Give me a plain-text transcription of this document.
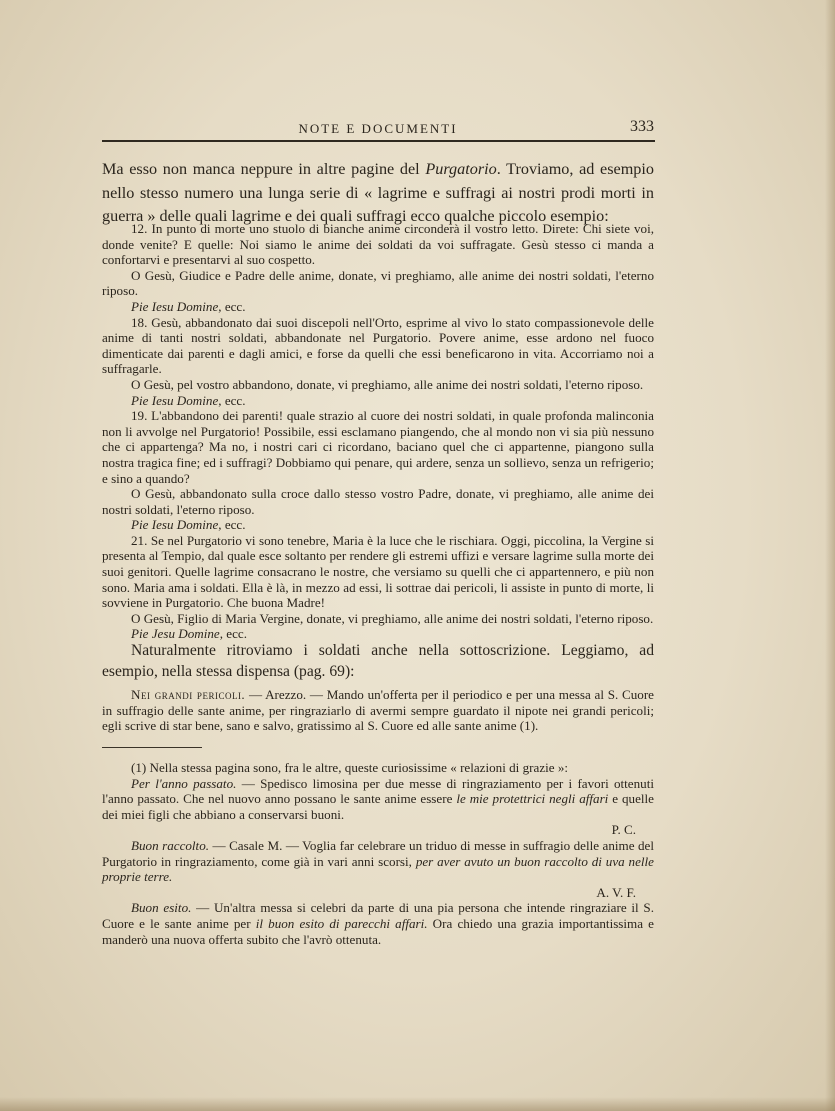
NOTE E DOCUMENTI	333
Ma esso non manca neppure in altre pagine del Purgatorio. Troviamo, ad esempio nello stesso numero una lunga serie di « lagrime e suffragi ai nostri prodi morti in guerra » delle quali lagrime e dei quali suffragi ecco qualche piccolo esempio:

12. In punto di morte uno stuolo di bianche anime circonderà il vostro letto. Direte: Chi siete voi, donde venite? E quelle: Noi siamo le anime dei soldati da voi suffragate. Gesù stesso ci manda a confortarvi e presentarvi al suo cospetto.

O Gesù, Giudice e Padre delle anime, donate, vi preghiamo, alle anime dei nostri soldati, l'eterno riposo.

Pie Iesu Domine, ecc.

18. Gesù, abbandonato dai suoi discepoli nell'Orto, esprime al vivo lo stato compassionevole delle anime di tanti nostri soldati, abbandonate nel Purgatorio. Povere anime, esse ardono nel fuoco dimenticate dai parenti e dagli amici, e forse da quelli che essi beneficarono in vita. Accorriamo noi a suffragarle.

O Gesù, pel vostro abbandono, donate, vi preghiamo, alle anime dei nostri soldati, l'eterno riposo.

Pie Iesu Domine, ecc.

19. L'abbandono dei parenti! quale strazio al cuore dei nostri soldati, in quale profonda malinconia non li avvolge nel Purgatorio! Possibile, essi esclamano piangendo, che al mondo non vi sia più nessuno che ci appartenga? Ma no, i nostri cari ci ricordano, baciano quel che ci appartenne, piangono sulla nostra tragica fine; ed i suffragi? Dobbiamo qui penare, qui ardere, senza un sollievo, senza un refrigerio; e sino a quando?

O Gesù, abbandonato sulla croce dallo stesso vostro Padre, donate, vi preghiamo, alle anime dei nostri soldati, l'eterno riposo.

Pie Iesu Domine, ecc.

21. Se nel Purgatorio vi sono tenebre, Maria è la luce che le rischiara. Oggi, piccolina, la Vergine si presenta al Tempio, dal quale esce soltanto per rendere gli estremi uffizi e versare lagrime sulla morte dei suoi genitori. Quelle lagrime consacrano le nostre, che versiamo su quelli che ci appartennero, e più non sono. Maria ama i soldati. Ella è là, in mezzo ad essi, li sottrae dai pericoli, li assiste in punto di morte, li sovviene in Purgatorio. Che buona Madre!

O Gesù, Figlio di Maria Vergine, donate, vi preghiamo, alle anime dei nostri soldati, l'eterno riposo.

Pie Jesu Domine, ecc.

Naturalmente ritroviamo i soldati anche nella sottoscrizione. Leggiamo, ad esempio, nella stessa dispensa (pag. 69):

Nei grandi pericoli. — Arezzo. — Mando un'offerta per il periodico e per una messa al S. Cuore in suffragio delle sante anime, per ringraziarlo di avermi sempre guardato il nipote nei grandi pericoli; egli scrive di star bene, sano e salvo, gratissimo al S. Cuore ed alle sante anime (1).

(1) Nella stessa pagina sono, fra le altre, queste curiosissime « relazioni di grazie »:

Per l'anno passato. — Spedisco limosina per due messe di ringraziamento per i favori ottenuti l'anno passato. Che nel nuovo anno possano le sante anime essere le mie protettrici negli affari e quelle dei miei figli che abbiano a conservarsi buoni.

P. C.

Buon raccolto. — Casale M. — Voglia far celebrare un triduo di messe in suffragio delle anime del Purgatorio in ringraziamento, come già in vari anni scorsi, per aver avuto un buon raccolto di uva nelle proprie terre.

A. V. F.

Buon esito. — Un'altra messa si celebri da parte di una pia persona che intende ringraziare il S. Cuore e le sante anime per il buon esito di parecchi affari. Ora chiedo una grazia importantissima e manderò una nuova offerta subito che l'avrò ottenuta.
